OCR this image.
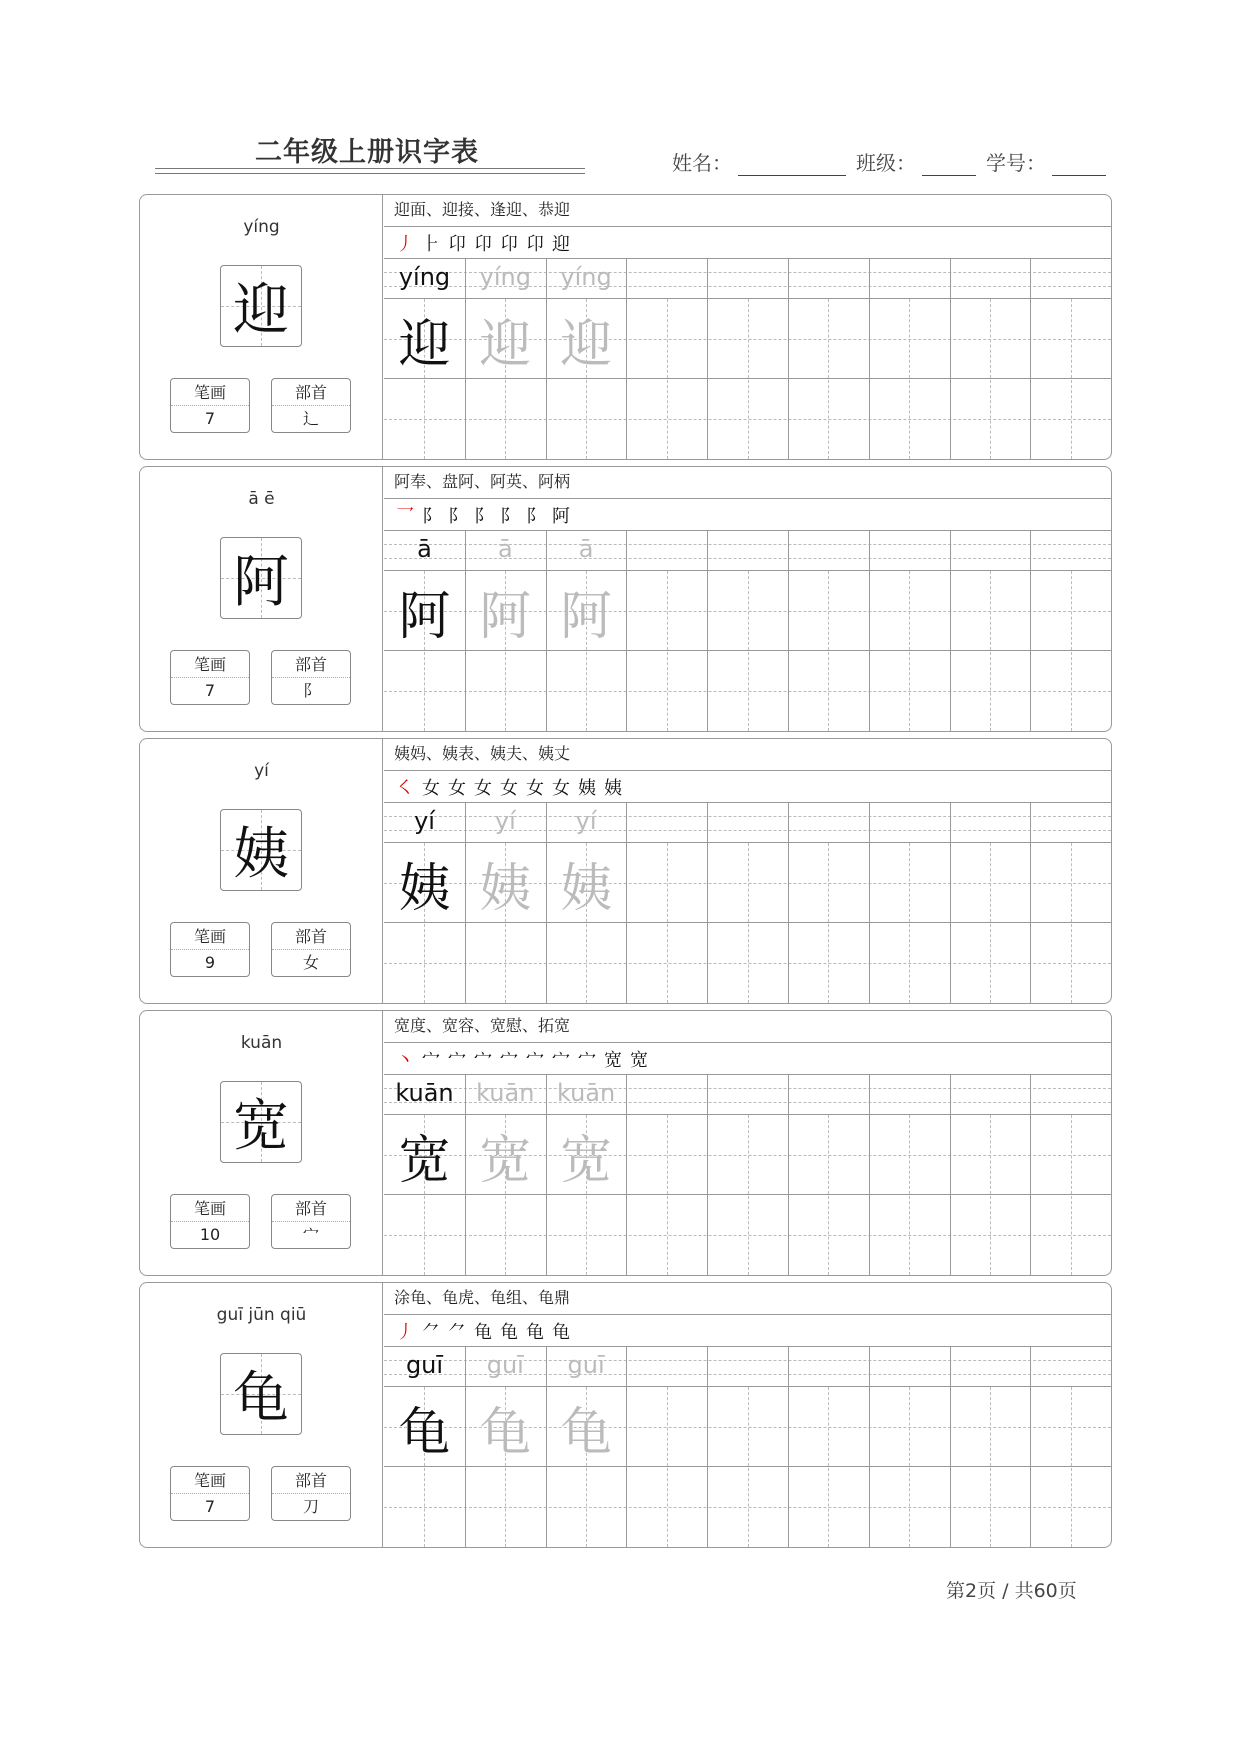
二年级上册识字表	姓名：	班级：	学号：
yíng
迎
笔画
7
部首
辶
迎面、迎接、逢迎、恭迎
丿 ⺊ 卬 卬 卬 卬 迎
yíng	yíng	yíng
迎 迎 迎
ā ē
阿
笔画
7
部首
阝
阿奉、盘阿、阿英、阿柄
乛 阝 阝 阝 阝 阝 阿
ā	ā	ā
阿 阿 阿
yí
姨
笔画
9
部首
女
姨妈、姨表、姨夫、姨丈
㇛ 女 女 女 女 女 女 姨 姨
yí	yí	yí
姨 姨 姨
kuān
宽
笔画
10
部首
宀
宽度、宽容、宽慰、拓宽
丶 宀 宀 宀 宀 宀 宀 宀 宽 宽
kuān kuān kuān
宽 宽 宽
guī jūn qiū
龟
笔画
7
部首
刀
涂龟、龟虎、龟组、龟鼎
丿 ⺈ ⺈ 龟 龟 龟 龟
guī	guī	guī
龟 龟 龟
第2页 / 共60页
